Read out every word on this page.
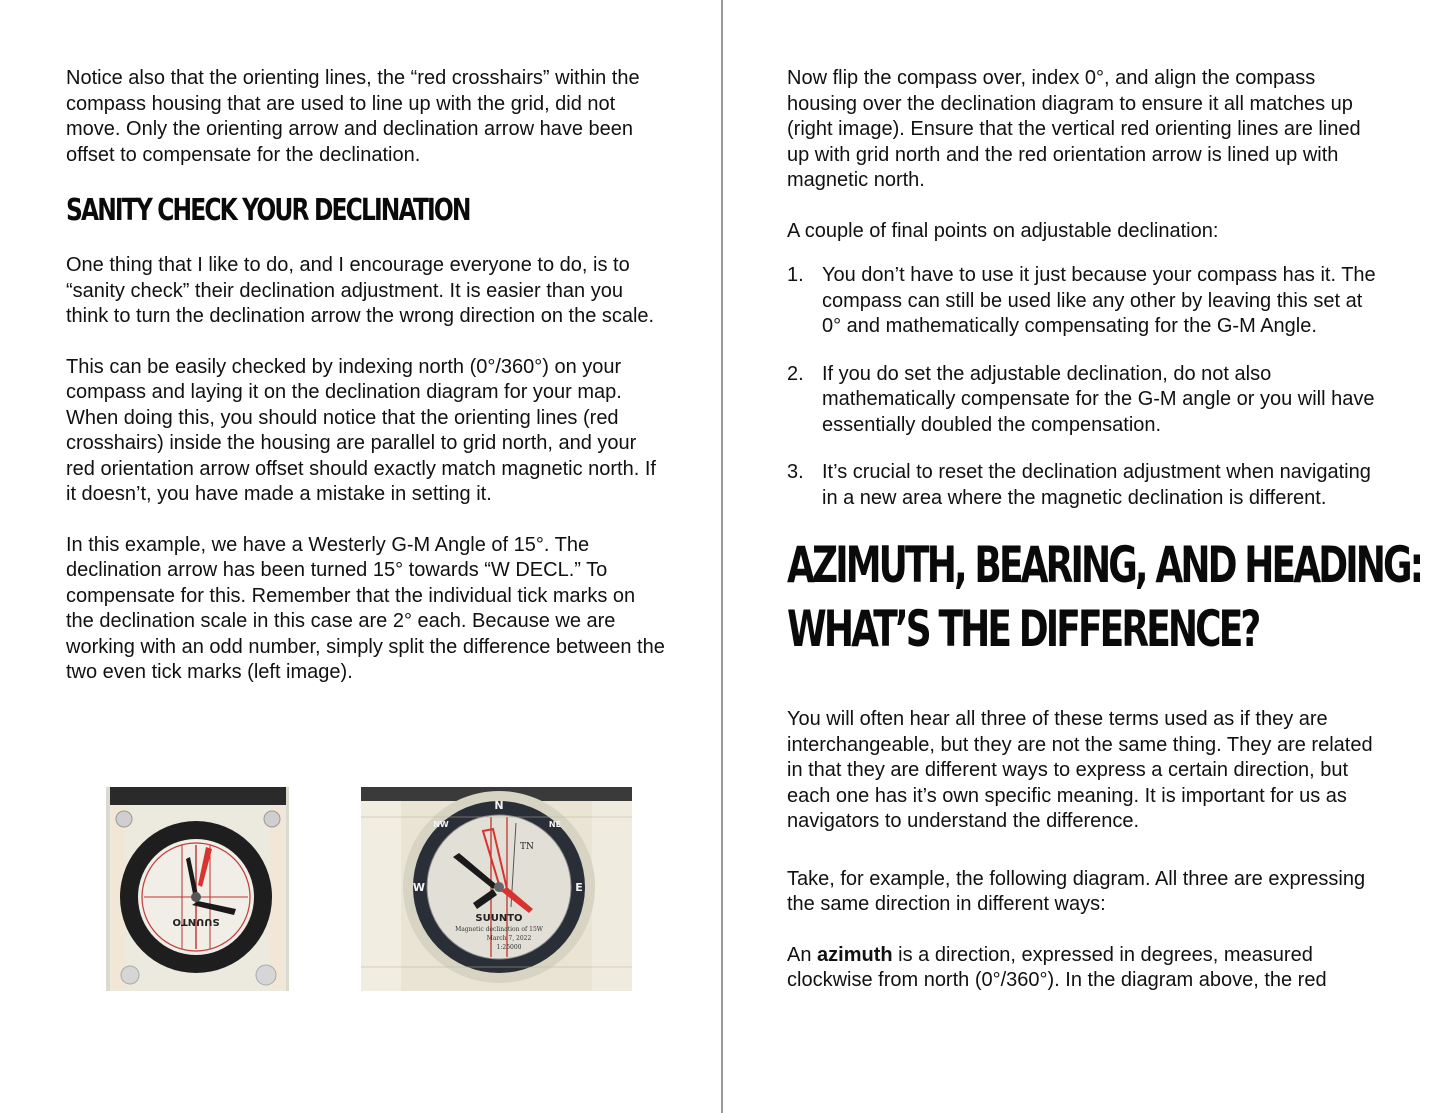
Notice also that the orienting lines, the “red crosshairs” within the compass housing that are used to line up with the grid, did not move. Only the orienting arrow and declination arrow have been offset to compensate for the declination.

SANITY CHECK YOUR DECLINATION

One thing that I like to do, and I encourage everyone to do, is to “sanity check” their declination adjustment. It is easier than you think to turn the declination arrow the wrong direction on the scale.

This can be easily checked by indexing north (0°/360°) on your compass and laying it on the declination diagram for your map. When doing this, you should notice that the orienting lines (red crosshairs) inside the housing are parallel to grid north, and your red orientation arrow offset should exactly match magnetic north. If it doesn’t, you have made a mistake in setting it.

In this example, we have a Westerly G-M Angle of 15°. The declination arrow has been turned 15° towards “W DECL.” To compensate for this. Remember that the individual tick marks on the declination scale in this case are 2° each. Because we are working with an odd number, simply split the difference between the two even tick marks (left image).

SUUNTO
N
E
W
NE
NW
TN
SUUNTO
Magnetic declination of 15W
March 7, 2022
1:25000

Now flip the compass over, index 0°, and align the compass housing over the declination diagram to ensure it all matches up (right image). Ensure that the vertical red orienting lines are lined up with grid north and the red orientation arrow is lined up with magnetic north.

A couple of final points on adjustable declination:

1. You don’t have to use it just because your compass has it. The compass can still be used like any other by leaving this set at 0° and mathematically compensating for the G-M Angle.
2. If you do set the adjustable declination, do not also mathematically compensate for the G-M angle or you will have essentially doubled the compensation.
3. It’s crucial to reset the declination adjustment when navigating in a new area where the magnetic declination is different.
AZIMUTH, BEARING, AND HEADING:
WHAT’S THE DIFFERENCE?

You will often hear all three of these terms used as if they are interchangeable, but they are not the same thing. They are related in that they are different ways to express a certain direction, but each one has it’s own specific meaning. It is important for us as navigators to understand the difference.

Take, for example, the following diagram. All three are expressing the same direction in different ways:

An azimuth is a direction, expressed in degrees, measured clockwise from north (0°/360°). In the diagram above, the red
